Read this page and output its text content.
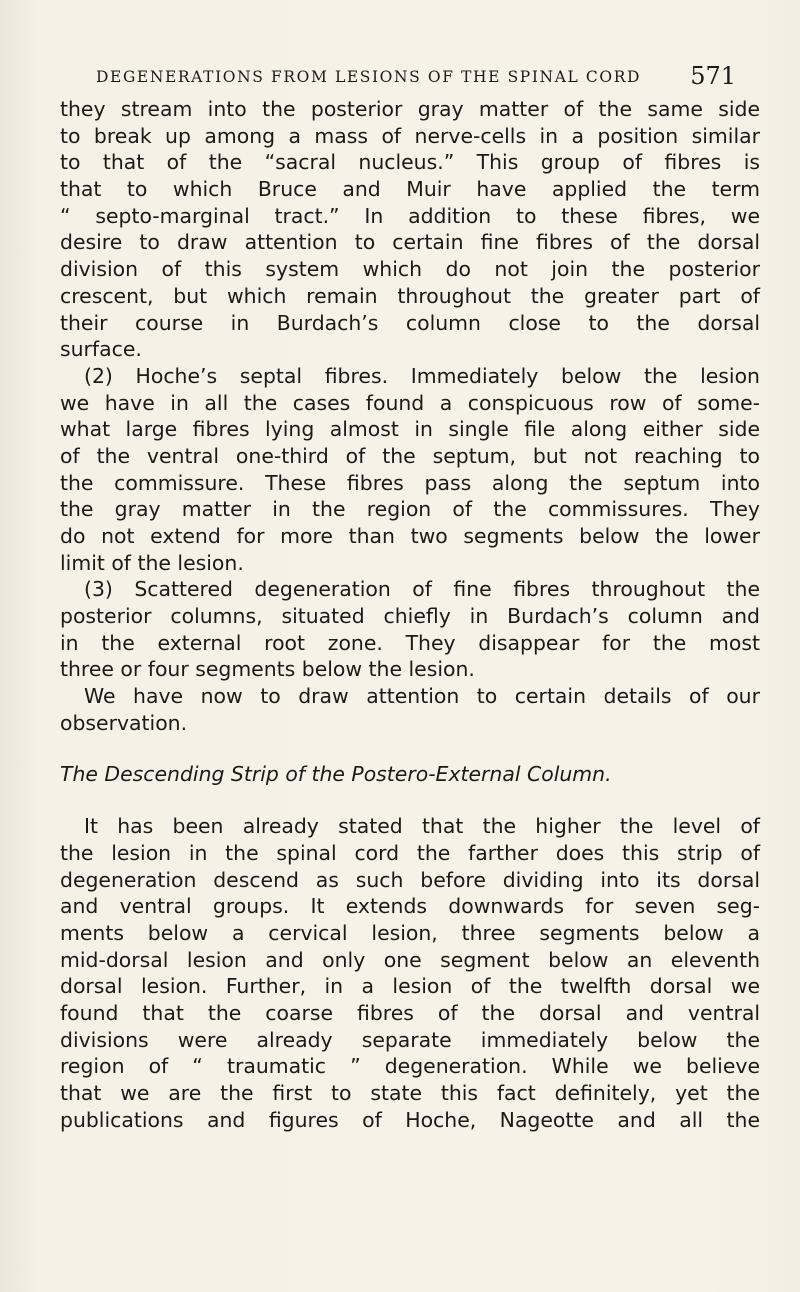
DEGENERATIONS FROM LESIONS OF THE SPINAL CORD 571
they stream into the posterior gray matter of the same side
to break up among a mass of nerve-cells in a position similar
to that of the “sacral nucleus.” This group of fibres is
that to which Bruce and Muir have applied the term
“ septo-marginal tract.” In addition to these fibres, we
desire to draw attention to certain fine fibres of the dorsal
division of this system which do not join the posterior
crescent, but which remain throughout the greater part of
their course in Burdach’s column close to the dorsal
surface.
(2) Hoche’s septal fibres. Immediately below the lesion
we have in all the cases found a conspicuous row of some-
what large fibres lying almost in single file along either side
of the ventral one-third of the septum, but not reaching to
the commissure. These fibres pass along the septum into
the gray matter in the region of the commissures. They
do not extend for more than two segments below the lower
limit of the lesion.
(3) Scattered degeneration of fine fibres throughout the
posterior columns, situated chiefly in Burdach’s column and
in the external root zone. They disappear for the most
three or four segments below the lesion.
We have now to draw attention to certain details of our
observation.
The Descending Strip of the Postero-External Column.
It has been already stated that the higher the level of
the lesion in the spinal cord the farther does this strip of
degeneration descend as such before dividing into its dorsal
and ventral groups. It extends downwards for seven seg-
ments below a cervical lesion, three segments below a
mid-dorsal lesion and only one segment below an eleventh
dorsal lesion. Further, in a lesion of the twelfth dorsal we
found that the coarse fibres of the dorsal and ventral
divisions were already separate immediately below the
region of “ traumatic ” degeneration. While we believe
that we are the first to state this fact definitely, yet the
publications and figures of Hoche, Nageotte and all the
